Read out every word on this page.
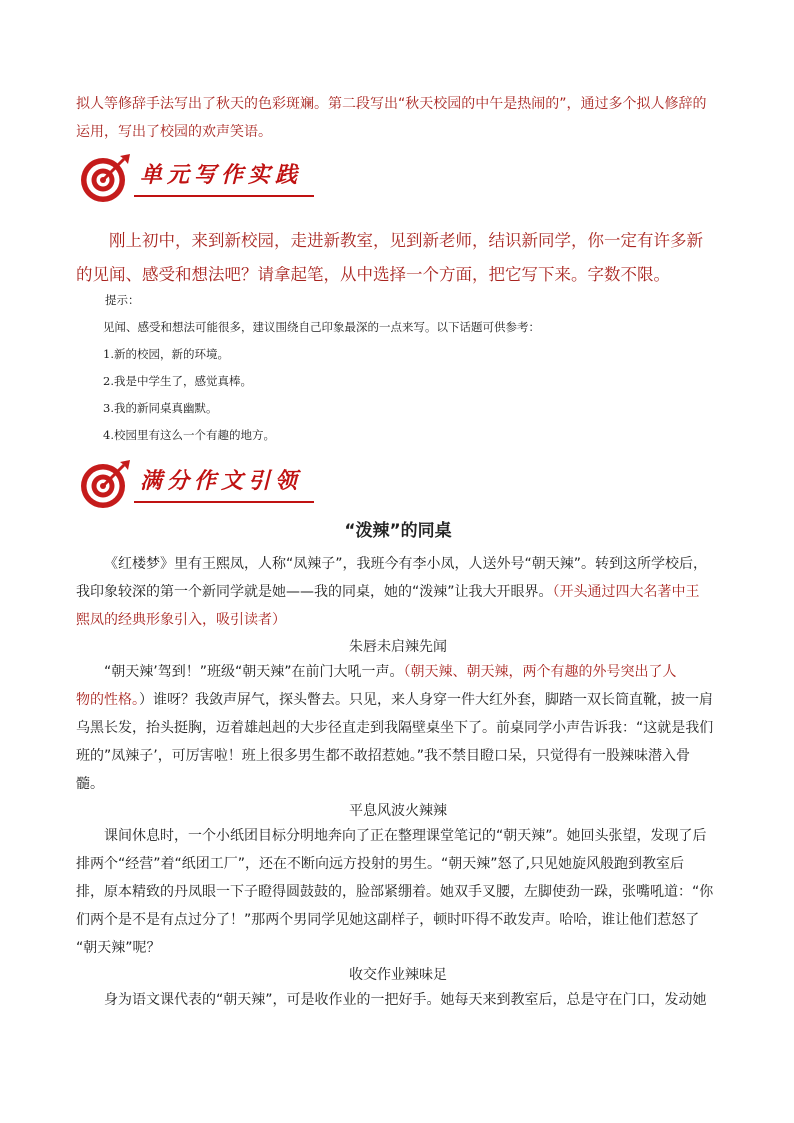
拟人等修辞手法写出了秋天的色彩斑斓。第二段写出“秋天校园的中午是热闹的”，通过多个拟人修辞的

运用，写出了校园的欢声笑语。

单元写作实践

刚上初中，来到新校园，走进新教室，见到新老师，结识新同学，你一定有许多新

的见闻、感受和想法吧？请拿起笔，从中选择一个方面，把它写下来。字数不限。

提示：

见闻、感受和想法可能很多，建议围绕自己印象最深的一点来写。以下话题可供参考：

1.新的校园，新的环境。

2.我是中学生了，感觉真棒。

3.我的新同桌真幽默。

4.校园里有这么一个有趣的地方。

满分作文引领
“泼辣”的同桌

《红楼梦》里有王熙凤，人称“凤辣子”，我班今有李小凤，人送外号“朝天辣”。转到这所学校后，

我印象较深的第一个新同学就是她——我的同桌，她的“泼辣”让我大开眼界。（开头通过四大名著中王

熙凤的经典形象引入，吸引读者）

朱唇未启辣先闻

“朝天辣’驾到！”班级“朝天辣”在前门大吼一声。（朝天辣、朝天辣，两个有趣的外号突出了人

物的性格。）谁呀？我敛声屏气，探头瞥去。只见，来人身穿一件大红外套，脚踏一双长筒直靴，披一肩

乌黑长发，抬头挺胸，迈着雄赳赳的大步径直走到我隔壁桌坐下了。前桌同学小声告诉我：“这就是我们

班的”凤辣子’，可厉害啦！班上很多男生都不敢招惹她。”我不禁目瞪口呆，只觉得有一股辣味潜入骨

髓。

平息风波火辣辣

课间休息时，一个小纸团目标分明地奔向了正在整理课堂笔记的“朝天辣”。她回头张望，发现了后

排两个“经营”着“纸团工厂”，还在不断向远方投射的男生。“朝天辣”怒了,只见她旋风般跑到教室后

排，原本精致的丹凤眼一下子瞪得圆鼓鼓的，脸部紧绷着。她双手叉腰，左脚使劲一跺，张嘴吼道：“你

们两个是不是有点过分了！”那两个男同学见她这副样子，顿时吓得不敢发声。哈哈，谁让他们惹怒了

“朝天辣”呢？

收交作业辣味足

身为语文课代表的“朝天辣”，可是收作业的一把好手。她每天来到教室后，总是守在门口，发动她
